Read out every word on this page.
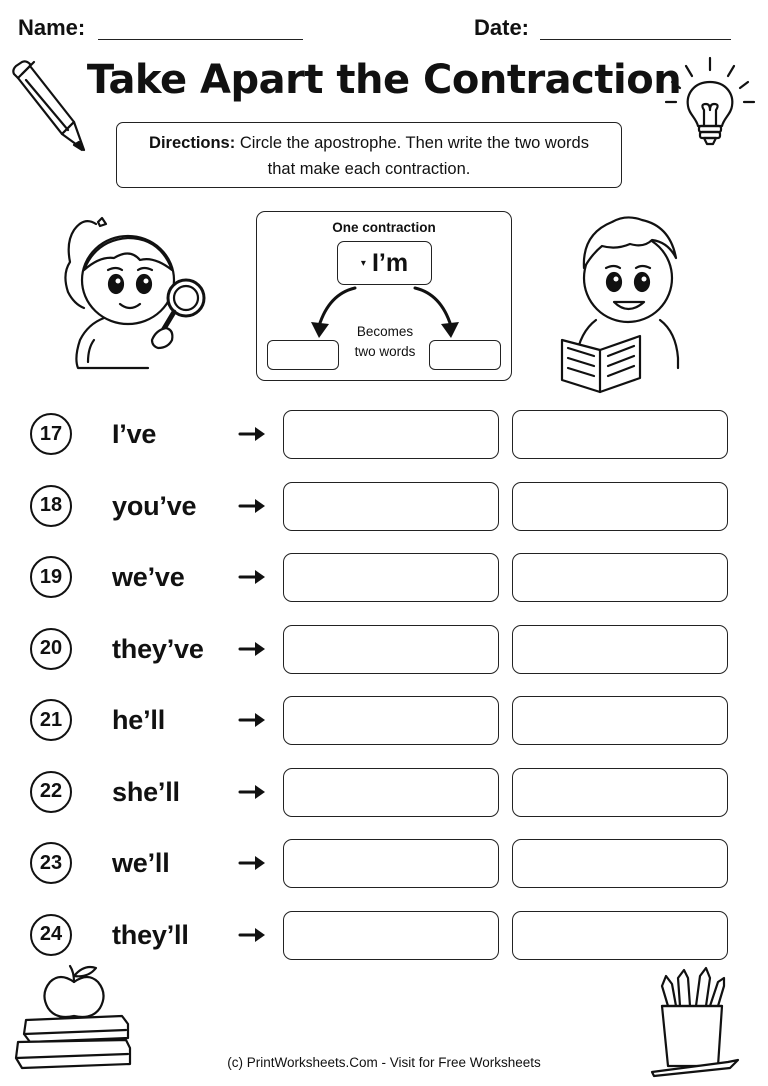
Name:	Date:
Take Apart the Contraction
Directions: Circle the apostrophe. Then write the two words
that make each contraction.
One contraction
▾ I’m
Becomes
two words
17	I’ve
18	you’ve
19	we’ve
20	they’ve
21	he’ll
22	she’ll
23	we’ll
24	they’ll
(c) PrintWorksheets.Com - Visit for Free Worksheets
